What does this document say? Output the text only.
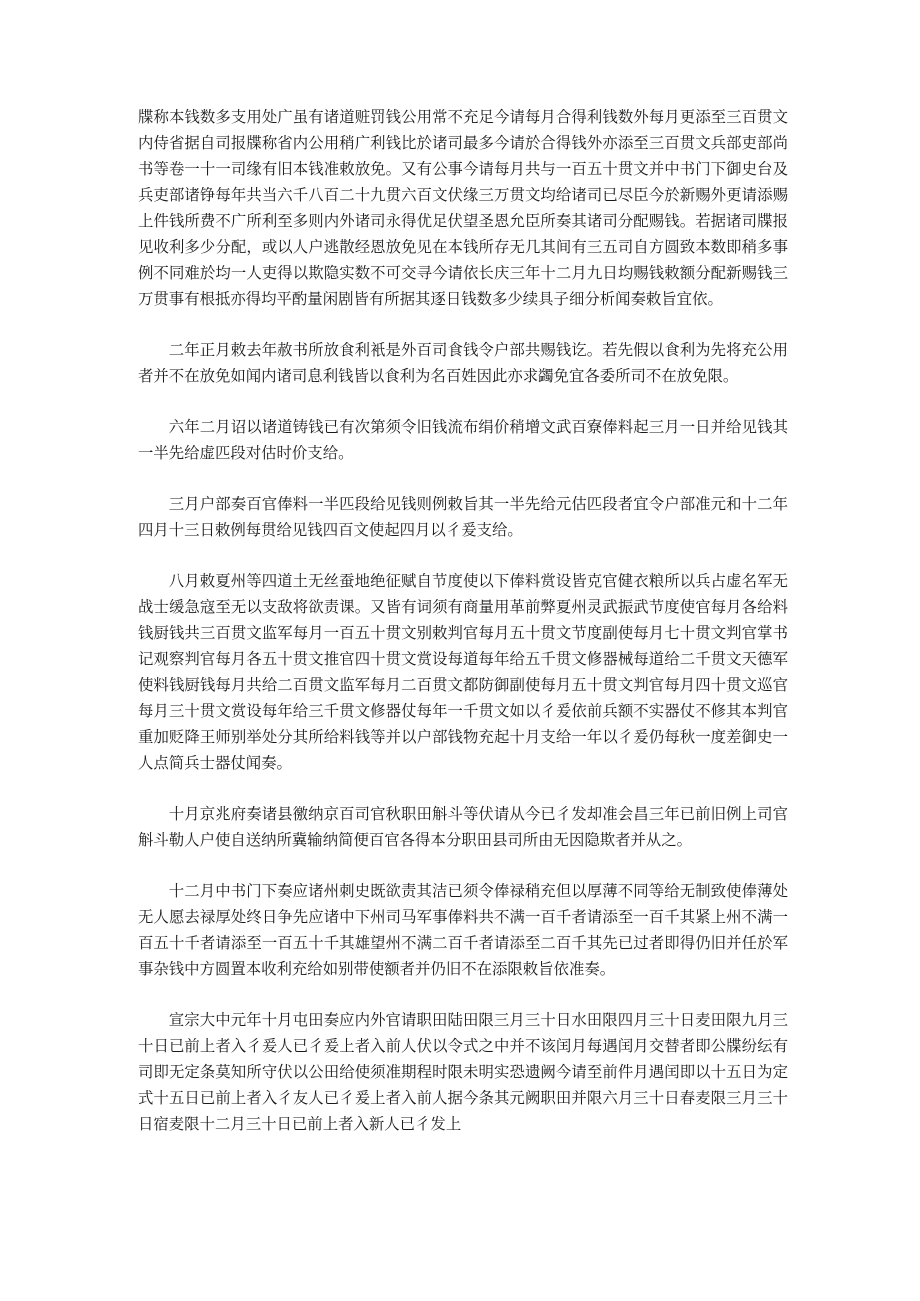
牒称本钱数多支用处广虽有诸道赃罚钱公用常不充足今请每月合得利钱数外每月更添至三百贯文内侍省据自司报牒称省内公用稍广利钱比於诸司最多今请於合得钱外亦添至三百贯文兵部吏部尚书等卷一十一司缘有旧本钱准敕放免。又有公事今请每月共与一百五十贯文并中书门下御史台及兵吏部诸铮每年共当六千八百二十九贯六百文伏缘三万贯文均给诸司已尽臣今於新赐外更请添赐上件钱所费不广所利至多则内外诸司永得优足伏望圣恩允臣所奏其诸司分配赐钱。若据诸司牒报见收利多少分配，或以人户逃散经恩放免见在本钱所存无几其间有三五司自方圆致本数即稍多事例不同难於均一人吏得以欺隐实数不可交寻今请依长庆三年十二月九日均赐钱敕额分配新赐钱三万贯事有根抵亦得均平酌量闲剧皆有所据其逐日钱数多少续具子细分析闻奏敕旨宜依。

二年正月敕去年赦书所放食利衹是外百司食钱令户部共赐钱讫。若先假以食利为先将充公用者并不在放免如闻内诸司息利钱皆以食利为名百姓因此亦求蠲免宜各委所司不在放免限。

六年二月诏以诸道铸钱已有次第须令旧钱流布绢价稍增文武百寮俸料起三月一日并给见钱其一半先给虚匹段对估时价支给。

三月户部奏百官俸料一半匹段给见钱则例敕旨其一半先给元估匹段者宜令户部准元和十二年四月十三日敕例每贯给见钱四百文使起四月以彳爰支给。

八月敕夏州等四道土无丝蚕地绝征赋自节度使以下俸料赏设皆克官健衣粮所以兵占虚名军无战士缓急寇至无以支敌将欲责课。又皆有词须有商量用革前弊夏州灵武振武节度使官每月各给料钱厨钱共三百贯文监军每月一百五十贯文别敕判官每月五十贯文节度副使每月七十贯文判官掌书记观察判官每月各五十贯文推官四十贯文赏设每道每年给五千贯文修器械每道给二千贯文天德军使料钱厨钱每月共给二百贯文监军每月二百贯文都防御副使每月五十贯文判官每月四十贯文巡官每月三十贯文赏设每年给三千贯文修器仗每年一千贯文如以彳爰依前兵额不实器仗不修其本判官重加贬降王师别举处分其所给料钱等并以户部钱物充起十月支给一年以彳爰仍每秋一度差御史一人点简兵士器仗闻奏。

十月京兆府奏诸县徼纳京百司官秋职田斛斗等伏请从今已彳发却准会昌三年已前旧例上司官斛斗勒人户使自送纳所冀输纳简便百官各得本分职田县司所由无因隐欺者并从之。

十二月中书门下奏应诸州刺史既欲责其洁已须令俸禄稍充但以厚薄不同等给无制致使俸薄处无人愿去禄厚处终日争先应诸中下州司马军事俸料共不满一百千者请添至一百千其紧上州不满一百五十千者请添至一百五十千其雄望州不满二百千者请添至二百千其先已过者即得仍旧并任於军事杂钱中方圆置本收利充给如别带使额者并仍旧不在添限敕旨依准奏。

宣宗大中元年十月屯田奏应内外官请职田陆田限三月三十日水田限四月三十日麦田限九月三十日已前上者入彳爰人已彳爰上者入前人伏以令式之中并不该闰月每遇闰月交替者即公牒纷纭有司即无定条莫知所守伏以公田给使须准期程时限未明实恐遗阙今请至前件月遇闰即以十五日为定式十五日已前上者入彳友人已彳爰上者入前人据今条其元阙职田并限六月三十日春麦限三月三十日宿麦限十二月三十日已前上者入新人已彳发上
